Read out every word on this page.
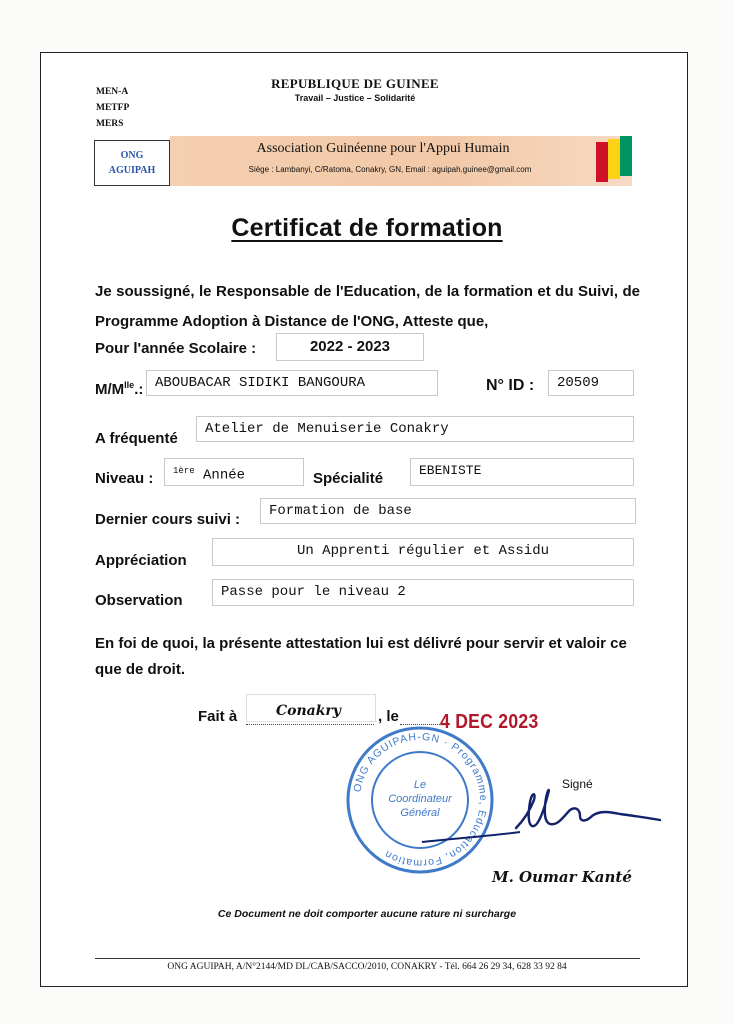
MEN-A
METFP
MERS
REPUBLIQUE DE GUINEE
Travail – Justice – Solidarité
ONG
AGUIPAH
Association Guinéenne pour l'Appui Humain
Siège : Lambanyi, C/Ratoma, Conakry, GN, Email : aguipah.guinee@gmail.com
Certificat de formation
Je soussigné, le Responsable de l'Education, de la formation et du Suivi, de Programme Adoption à Distance de l'ONG, Atteste que,
Pour l'année Scolaire :	2022 - 2023
$M/M^{lle}$.: ABOUBACAR SIDIKI BANGOURA	N° ID :	20509
A fréquenté
Atelier de Menuiserie Conakry
Niveau :	$^{1ère}$ Année	Spécialité	EBENISTE
Dernier cours suivi :	Formation de base
Appréciation
Un Apprenti régulier et Assidu
Observation	Passe pour le niveau 2
En foi de quoi, la présente attestation lui est délivré pour servir et valoir ce que de droit.
Fait à	Conakry , le 4 DEC 2023
ONG AGUIPAH-GN · Programme, Education, Formation
Le
Coordinateur
Général
Signé
M. Oumar Kanté
Ce Document ne doit comporter aucune rature ni surcharge
ONG AGUIPAH, A/N°2144/MD DL/CAB/SACCO/2010, CONAKRY - Tél. 664 26 29 34, 628 33 92 84
